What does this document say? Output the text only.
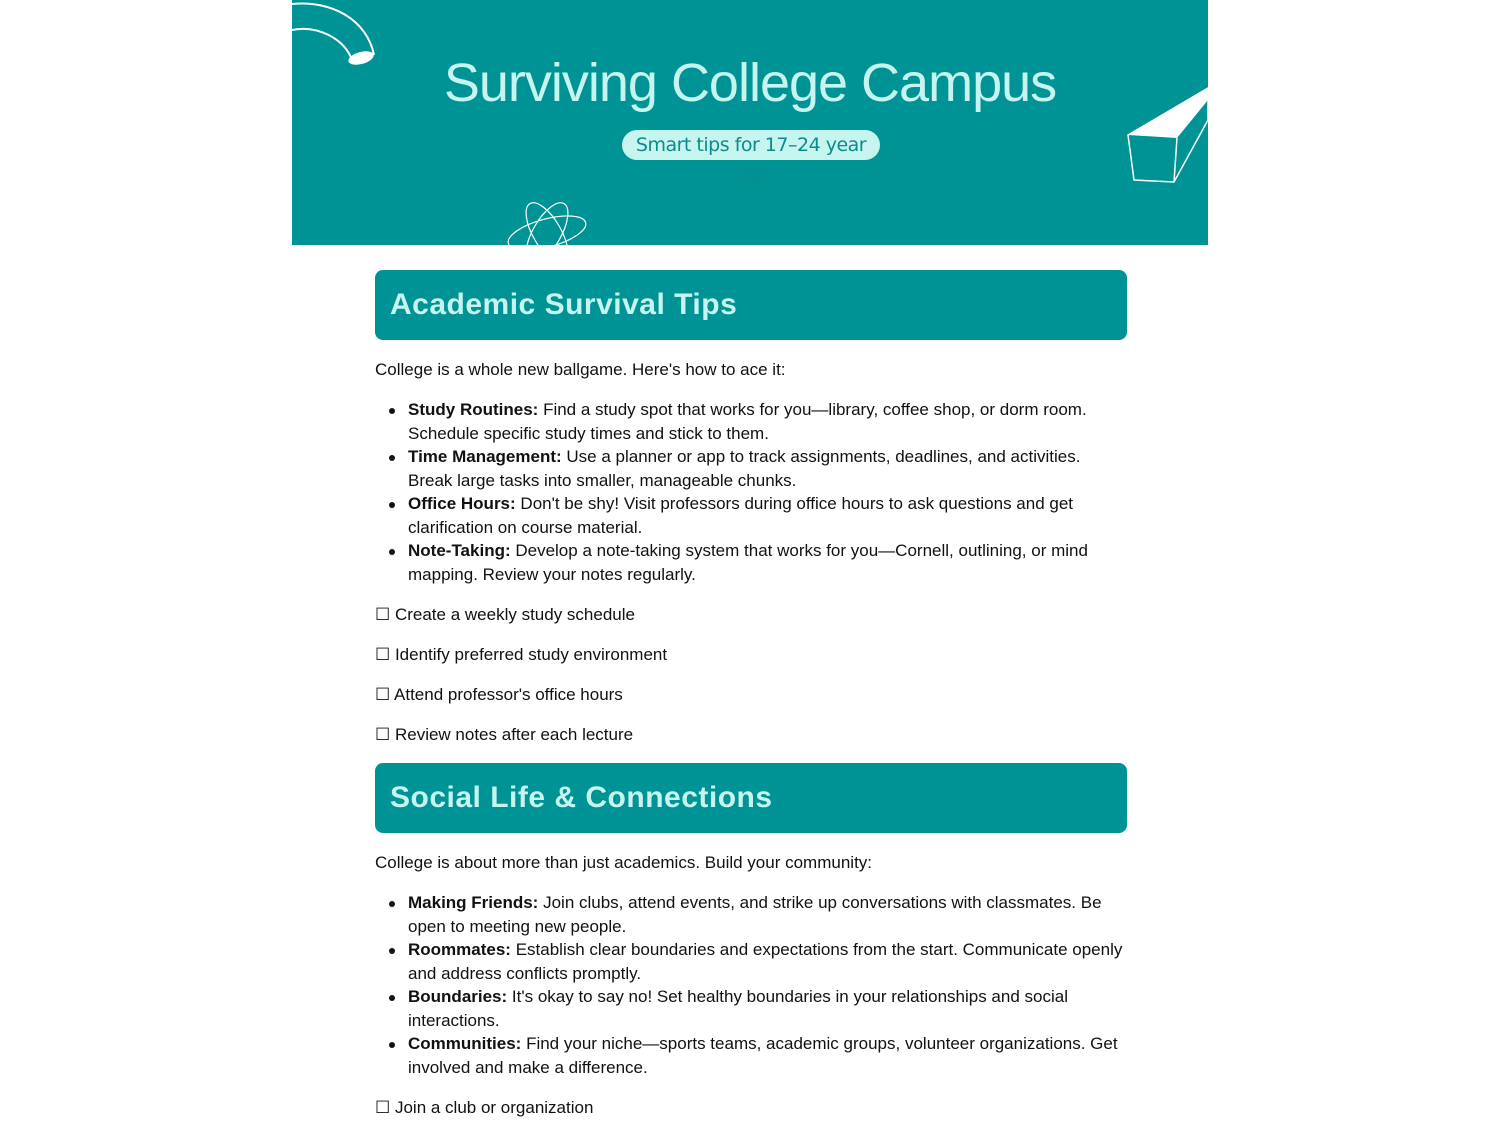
Surviving College Campus
Smart tips for 17–24 year olds
Academic Survival Tips

College is a whole new ballgame. Here's how to ace it:

Study Routines: Find a study spot that works for you—library, coffee shop, or dorm room. Schedule specific study times and stick to them.
Time Management: Use a planner or app to track assignments, deadlines, and activities. Break large tasks into smaller, manageable chunks.
Office Hours: Don't be shy! Visit professors during office hours to ask questions and get clarification on course material.
Note-Taking: Develop a note-taking system that works for you—Cornell, outlining, or mind mapping. Review your notes regularly.

☐ Create a weekly study schedule

☐ Identify preferred study environment

☐ Attend professor's office hours

☐ Review notes after each lecture

Social Life & Connections

College is about more than just academics. Build your community:

Making Friends: Join clubs, attend events, and strike up conversations with classmates. Be open to meeting new people.
Roommates: Establish clear boundaries and expectations from the start. Communicate openly and address conflicts promptly.
Boundaries: It's okay to say no! Set healthy boundaries in your relationships and social interactions.
Communities: Find your niche—sports teams, academic groups, volunteer organizations. Get involved and make a difference.

☐ Join a club or organization
